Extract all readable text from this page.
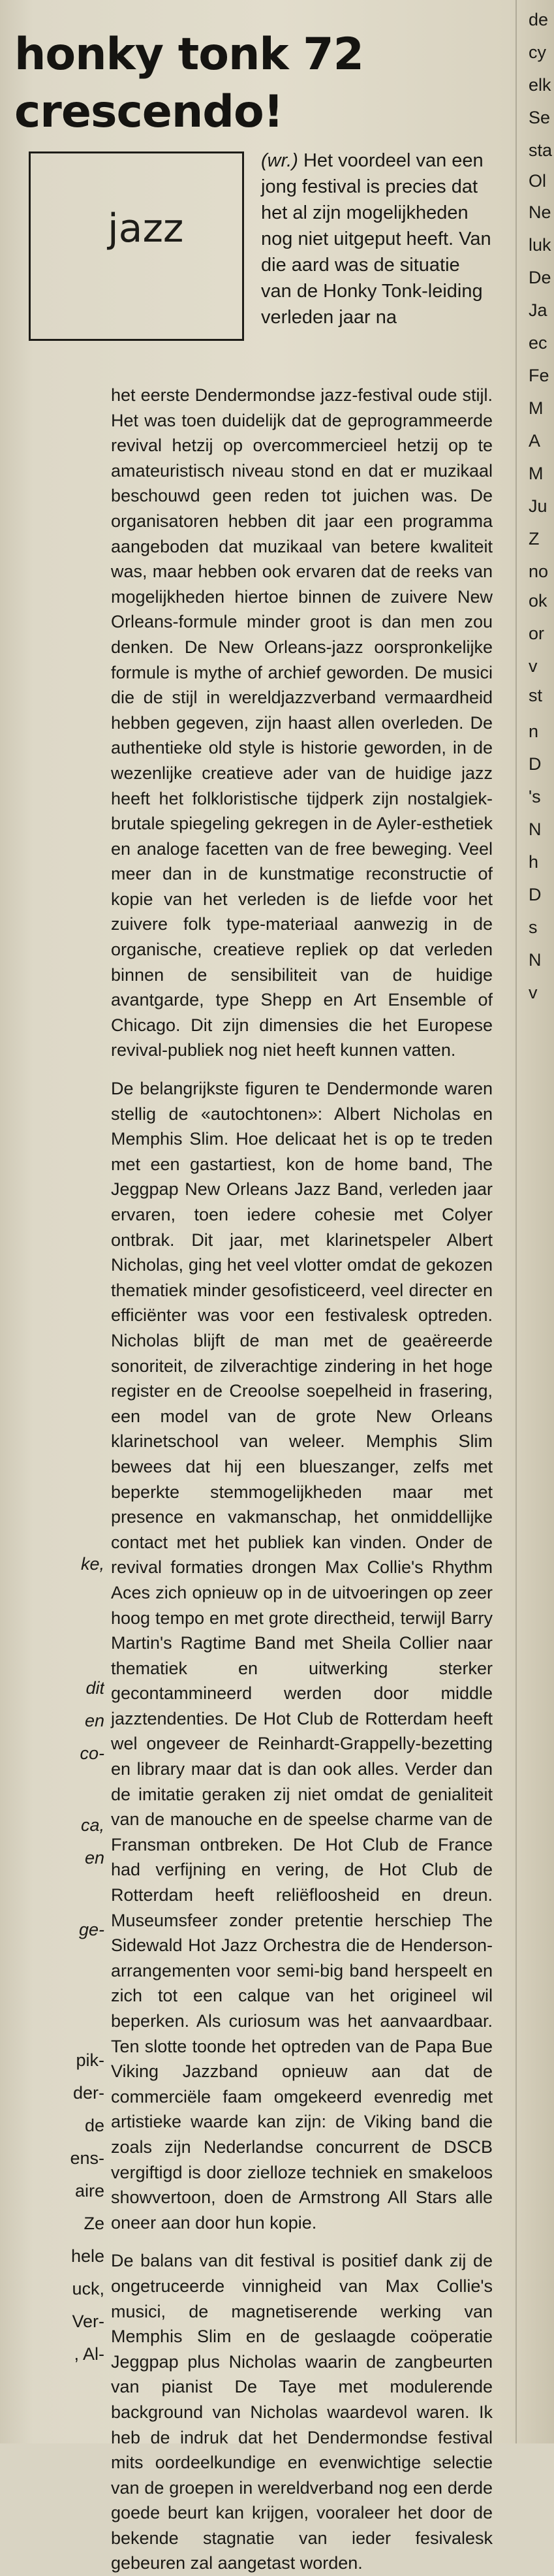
honky tonk 72
crescendo!
jazz

(wr.) Het voordeel van een jong festival is precies dat het al zijn mogelijkheden nog niet uitgeput heeft. Van die aard was de situatie van de Honky Tonk-leiding verleden jaar na

het eerste Dendermondse jazz-festival oude stijl. Het was toen duidelijk dat de geprogrammeerde revival hetzij op overcommercieel hetzij op te amateuristisch niveau stond en dat er muzikaal beschouwd geen reden tot juichen was. De organisatoren hebben dit jaar een programma aangeboden dat muzikaal van betere kwaliteit was, maar hebben ook ervaren dat de reeks van mogelijkheden hiertoe binnen de zuivere New Orleans-formule minder groot is dan men zou denken. De New Orleans-jazz oorspronkelijke formule is mythe of archief geworden. De musici die de stijl in wereldjazzverband vermaardheid hebben gegeven, zijn haast allen overleden. De authentieke old style is historie geworden, in de wezenlijke creatieve ader van de huidige jazz heeft het folkloristische tijdperk zijn nostalgiek-brutale spiegeling gekregen in de Ayler-esthetiek en analoge facetten van de free beweging. Veel meer dan in de kunstmatige reconstructie of kopie van het verleden is de liefde voor het zuivere folk type-materiaal aanwezig in de organische, creatieve repliek op dat verleden binnen de sensibiliteit van de huidige avantgarde, type Shepp en Art Ensemble of Chicago. Dit zijn dimensies die het Europese revival-publiek nog niet heeft kunnen vatten.

De belangrijkste figuren te Dendermonde waren stellig de «autochtonen»: Albert Nicholas en Memphis Slim. Hoe delicaat het is op te treden met een gastartiest, kon de home band, The Jeggpap New Orleans Jazz Band, verleden jaar ervaren, toen iedere cohesie met Colyer ontbrak. Dit jaar, met klarinetspeler Albert Nicholas, ging het veel vlotter omdat de gekozen thematiek minder gesofisticeerd, veel directer en efficiënter was voor een festivalesk optreden. Nicholas blijft de man met de geaëreerde sonoriteit, de zilverachtige zindering in het hoge register en de Creoolse soepelheid in frasering, een model van de grote New Orleans klarinetschool van weleer. Memphis Slim bewees dat hij een blueszanger, zelfs met beperkte stemmogelijkheden maar met presence en vakmanschap, het onmiddellijke contact met het publiek kan vinden. Onder de revival formaties drongen Max Collie's Rhythm Aces zich opnieuw op in de uitvoeringen op zeer hoog tempo en met grote directheid, terwijl Barry Martin's Ragtime Band met Sheila Collier naar thematiek en uitwerking sterker gecontammineerd werden door middle jazztendenties. De Hot Club de Rotterdam heeft wel ongeveer de Reinhardt-Grappelly-bezetting en library maar dat is dan ook alles. Verder dan de imitatie geraken zij niet omdat de genialiteit van de manouche en de speelse charme van de Fransman ontbreken. De Hot Club de France had verfijning en vering, de Hot Club de Rotterdam heeft reliëfloosheid en dreun. Museumsfeer zonder pretentie herschiep The Sidewald Hot Jazz Orchestra die de Henderson-arrangementen voor semi-big band herspeelt en zich tot een calque van het origineel wil beperken. Als curiosum was het aanvaardbaar. Ten slotte toonde het optreden van de Papa Bue Viking Jazzband opnieuw aan dat de commerciële faam omgekeerd evenredig met artistieke waarde kan zijn: de Viking band die zoals zijn Nederlandse concurrent de DSCB vergiftigd is door zielloze techniek en smakeloos showvertoon, doen de Armstrong All Stars alle oneer aan door hun kopie.

De balans van dit festival is positief dank zij de ongetruceerde vinnigheid van Max Collie's musici, de magnetiserende werking van Memphis Slim en de geslaagde coöperatie Jeggpap plus Nicholas waarin de zangbeurten van pianist De Taye met modulerende background van Nicholas waardevol waren. Ik heb de indruk dat het Dendermondse festival mits oordeelkundige en evenwichtige selectie van de groepen in wereldverband nog een derde goede beurt kan krijgen, vooraleer het door de bekende stagnatie van ieder fesivalesk gebeuren zal aangetast worden.

de
cy
elk
Se
sta
Ol
Ne
luk
De
Ja
ec
Fe
M
A
M
Ju
Z
no
ok
or
v
st
n
D
's
N
h
D
s
N
v
ke,
dit
en
co-
ca,
en
ge-
pik-
der-
de
ens-
aire
Ze
hele
uck,
Ver-
, Al-
